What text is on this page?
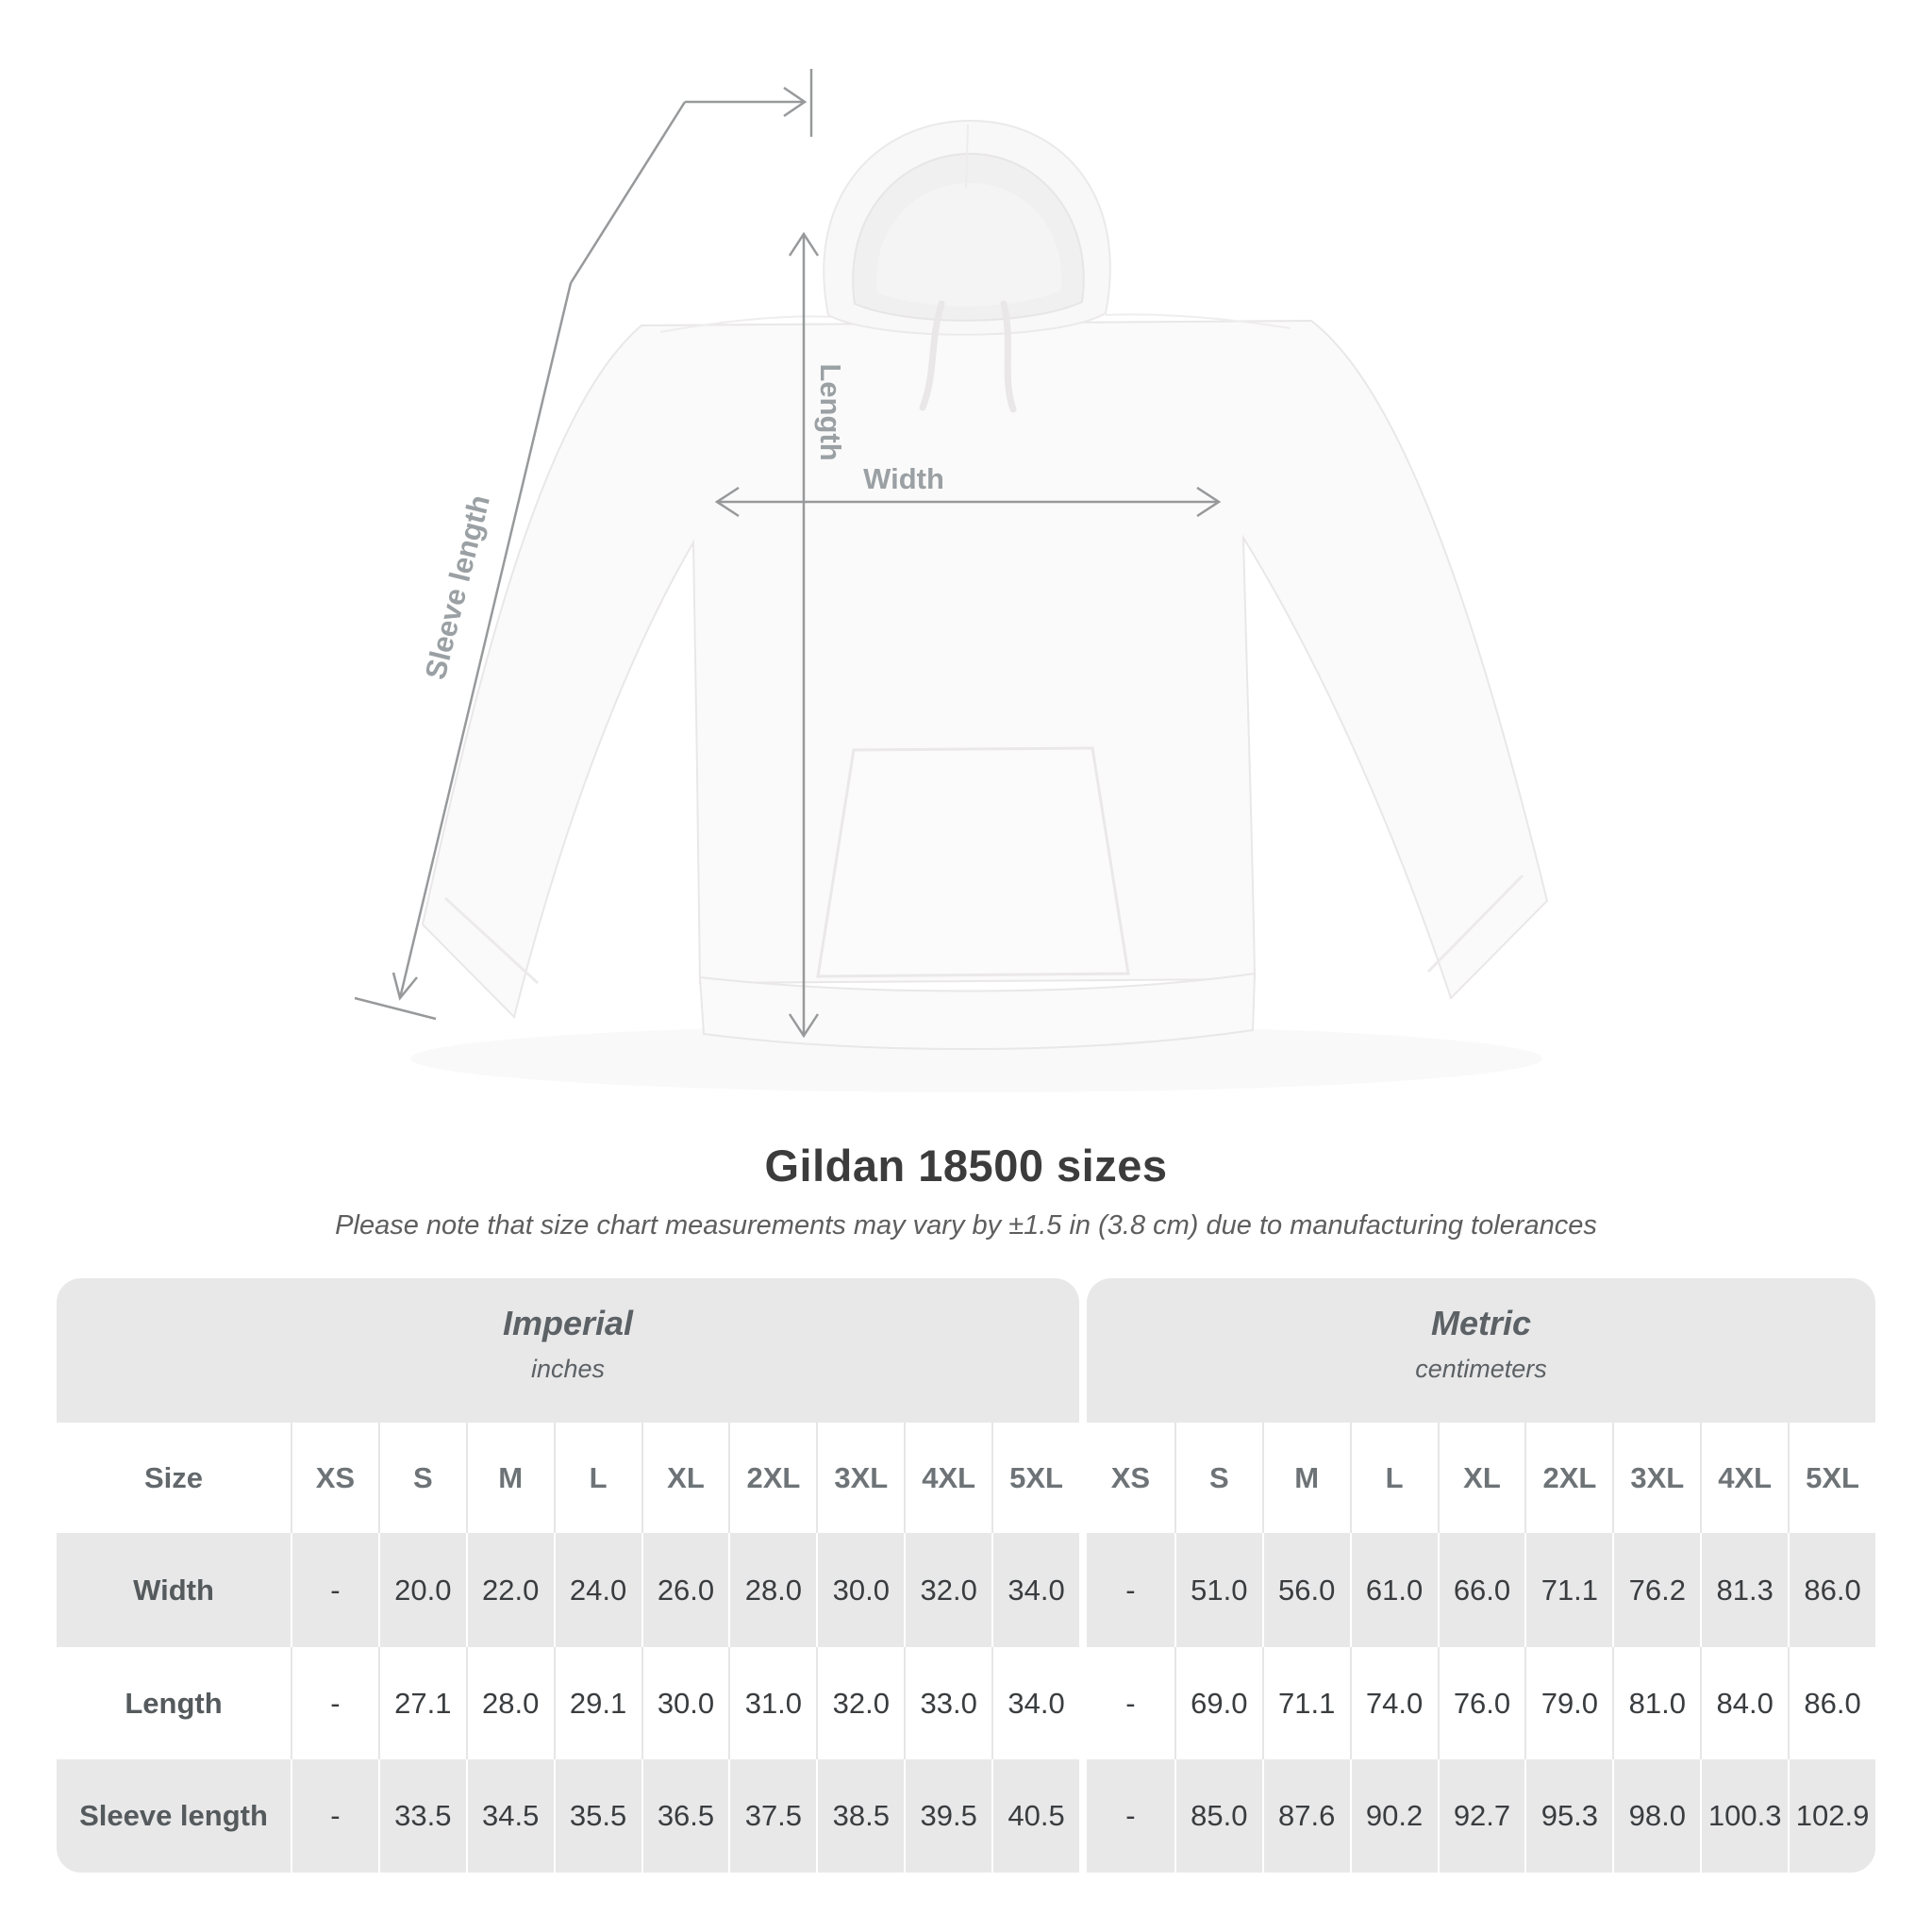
Width
Length
Sleeve length
Gildan 18500 sizes
Please note that size chart measurements may vary by ±1.5 in (3.8 cm) due to manufacturing tolerances
Imperial
inches
Metric
centimeters
Size	XS	S	M	L	XL	2XL	3XL	4XL	5XL	XS	S	M	L	XL	2XL	3XL	4XL	5XL
Width	-	20.0	22.0	24.0	26.0	28.0	30.0	32.0	34.0	-	51.0	56.0	61.0	66.0	71.1	76.2	81.3	86.0
Length	-	27.1	28.0	29.1	30.0	31.0	32.0	33.0	34.0	-	69.0	71.1	74.0	76.0	79.0	81.0	84.0	86.0
Sleeve length	-	33.5	34.5	35.5	36.5	37.5	38.5	39.5	40.5	-	85.0	87.6	90.2	92.7	95.3	98.0 100.3 102.9
